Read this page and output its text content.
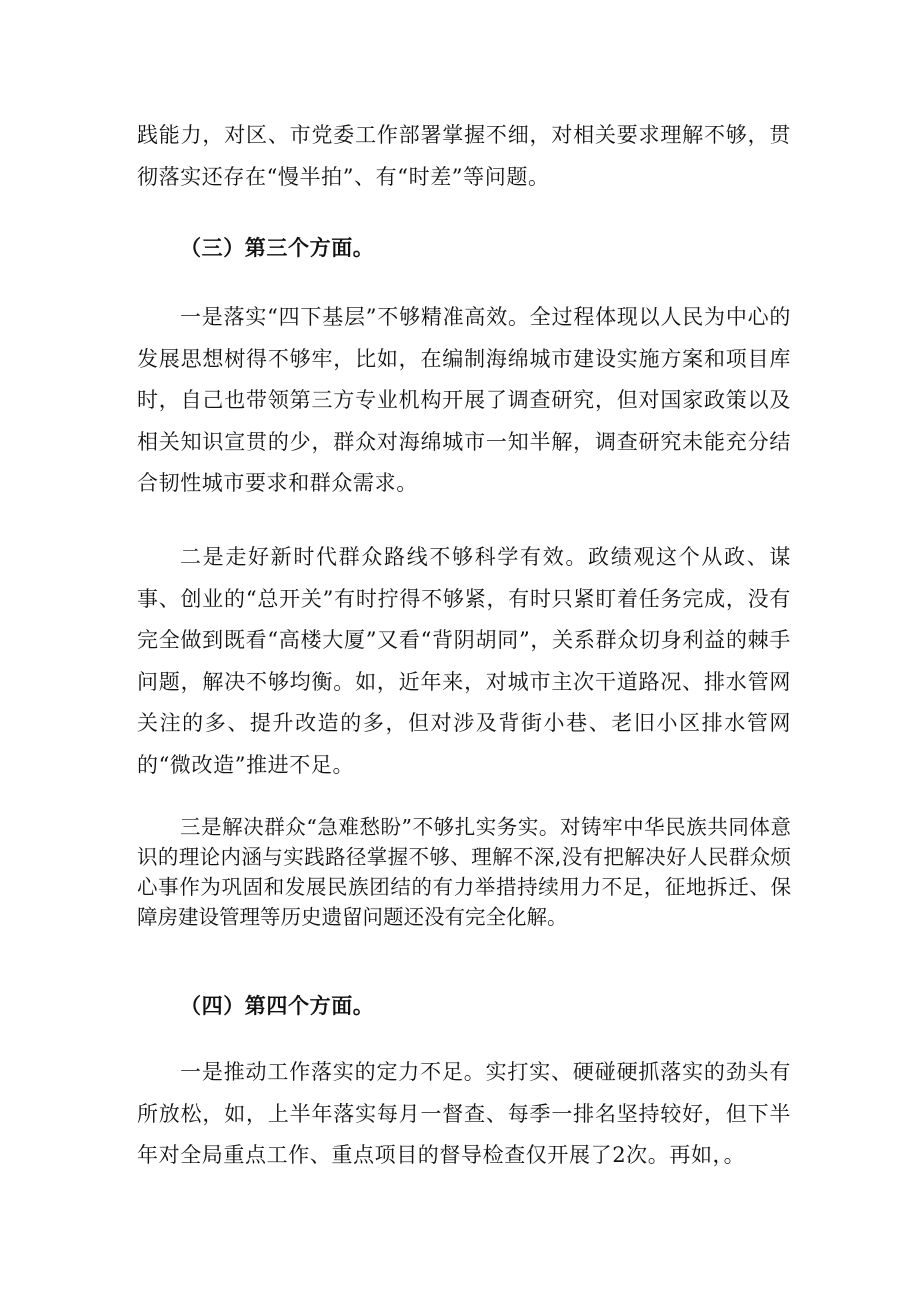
践能力，对区、市党委工作部署掌握不细，对相关要求理解不够，贯彻落实还存在“慢半拍”、有“时差”等问题。

（三）第三个方面。

一是落实“四下基层”不够精准高效。全过程体现以人民为中心的发展思想树得不够牢，比如，在编制海绵城市建设实施方案和项目库时，自己也带领第三方专业机构开展了调查研究，但对国家政策以及相关知识宣贯的少，群众对海绵城市一知半解，调查研究未能充分结合韧性城市要求和群众需求。

二是走好新时代群众路线不够科学有效。政绩观这个从政、谋事、创业的“总开关”有时拧得不够紧，有时只紧盯着任务完成，没有完全做到既看“高楼大厦”又看“背阴胡同”，关系群众切身利益的棘手问题，解决不够均衡。如，近年来，对城市主次干道路况、排水管网关注的多、提升改造的多，但对涉及背街小巷、老旧小区排水管网的“微改造”推进不足。

三是解决群众“急难愁盼”不够扎实务实。对铸牢中华民族共同体意识的理论内涵与实践路径掌握不够、理解不深,没有把解决好人民群众烦心事作为巩固和发展民族团结的有力举措持续用力不足，征地拆迁、保障房建设管理等历史遗留问题还没有完全化解。

（四）第四个方面。

一是推动工作落实的定力不足。实打实、硬碰硬抓落实的劲头有所放松，如，上半年落实每月一督查、每季一排名坚持较好，但下半年对全局重点工作、重点项目的督导检查仅开展了2次。再如，。
